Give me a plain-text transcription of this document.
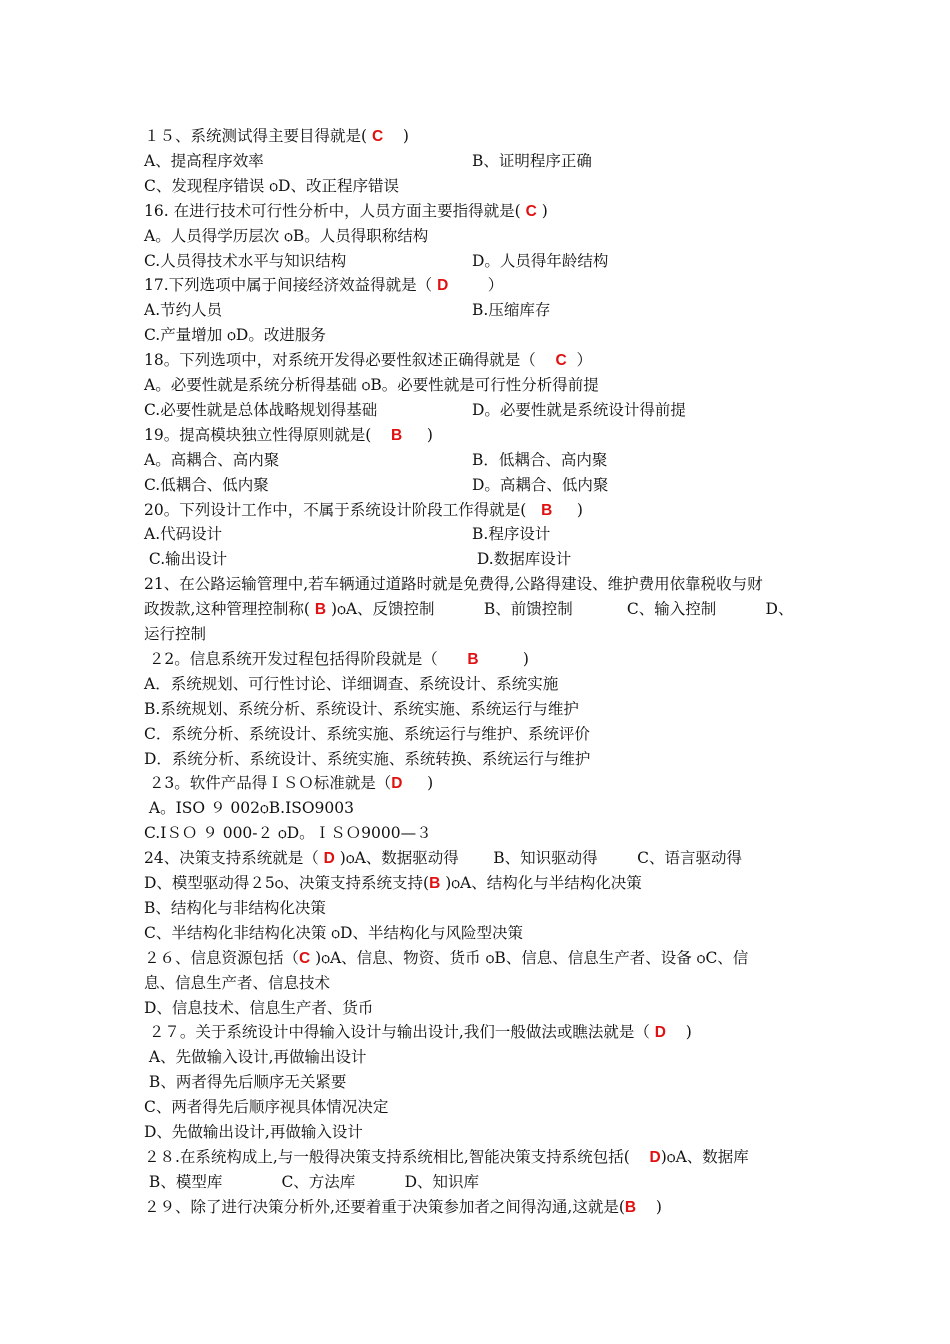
１５、系统测试得主要目得就是( C    )
A、提高程序效率	B、证明程序正确
C、发现程序错误 ѻD、改正程序错误
16. 在进行技术可行性分析中，人员方面主要指得就是( C )
A。人员得学历层次 ѻB。人员得职称结构
C.人员得技术水平与知识结构	D。人员得年龄结构
17.下列选项中属于间接经济效益得就是（ D        ）
A.节约人员	B.压缩库存
C.产量增加 ѻD。改进服务
18。下列选项中，对系统开发得必要性叙述正确得就是（    C  ）
A。必要性就是系统分析得基础 ѻB。必要性就是可行性分析得前提
C.必要性就是总体战略规划得基础	D。必要性就是系统设计得前提
19。提高模块独立性得原则就是(    B     )
A。高耦合、高内聚	B．低耦合、高内聚
C.低耦合、低内聚	D。高耦合、低内聚
20。下列设计工作中，不属于系统设计阶段工作得就是(   B     )
A.代码设计	B.程序设计
C.输出设计	D.数据库设计
21、在公路运输管理中,若车辆通过道路时就是免费得,公路得建设、维护费用依靠税收与财
政拨款,这种管理控制称( B )ѻA、反馈控制          B、前馈控制           C、输入控制          D、
运行控制
２2。信息系统开发过程包括得阶段就是（      B         )
A．系统规划、可行性讨论、详细调查、系统设计、系统实施
B.系统规划、系统分析、系统设计、系统实施、系统运行与维护
C．系统分析、系统设计、系统实施、系统运行与维护、系统评价
D．系统分析、系统设计、系统实施、系统转换、系统运行与维护
２3。软件产品得ＩＳＯ标准就是（D     )
A。ISO ９ 002ѻB.ISO9003
C.IＳＯ ９ 000-２ ѻD。ＩＳＯ9000—３
24、决策支持系统就是（ D )ѻA、数据驱动得       B、知识驱动得        C、语言驱动得
D、模型驱动得２5ѻ、决策支持系统支持(B )ѻA、结构化与半结构化决策
B、结构化与非结构化决策
C、半结构化非结构化决策 ѻD、半结构化与风险型决策
２６、信息资源包括（C )ѻA、信息、物资、货币 ѻB、信息、信息生产者、设备 ѻC、信
息、信息生产者、信息技术
D、信息技术、信息生产者、货币
２７。关于系统设计中得输入设计与输出设计,我们一般做法或瞧法就是（ D    )
A、先做输入设计,再做输出设计
B、两者得先后顺序无关紧要
C、两者得先后顺序视具体情况决定
D、先做输出设计,再做输入设计
２８.在系统构成上,与一般得决策支持系统相比,智能决策支持系统包括(    D)ѻA、数据库
B、模型库            C、方法库          D、知识库
２９、除了进行决策分析外,还要着重于决策参加者之间得沟通,这就是(B    )
